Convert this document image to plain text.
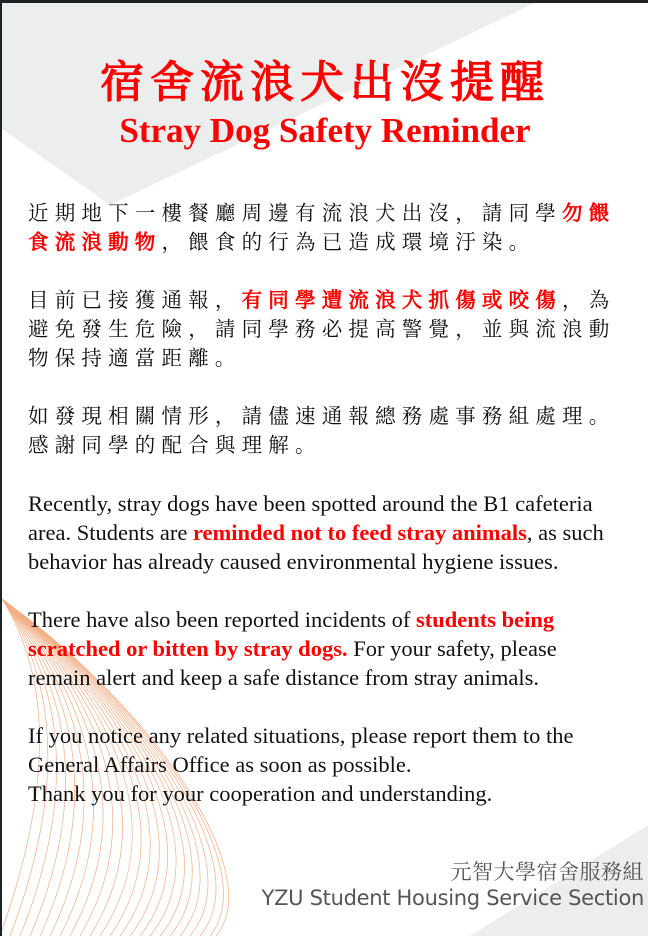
宿舍流浪犬出沒提醒
Stray Dog Safety Reminder

近期地下一樓餐廳周邊有流浪犬出沒，請同學勿餵食流浪動物，餵食的行為已造成環境汙染。

目前已接獲通報，有同學遭流浪犬抓傷或咬傷，為避免發生危險，請同學務必提高警覺，並與流浪動物保持適當距離。

如發現相關情形，請儘速通報總務處事務組處理。感謝同學的配合與理解。

Recently, stray dogs have been spotted around the B1 cafeteria area. Students are reminded not to feed stray animals, as such behavior has already caused environmental hygiene issues.

There have also been reported incidents of students being scratched or bitten by stray dogs. For your safety, please remain alert and keep a safe distance from stray animals.

If you notice any related situations, please report them to the General Affairs Office as soon as possible.
Thank you for your cooperation and understanding.

元智大學宿舍服務組
YZU Student Housing Service Section
